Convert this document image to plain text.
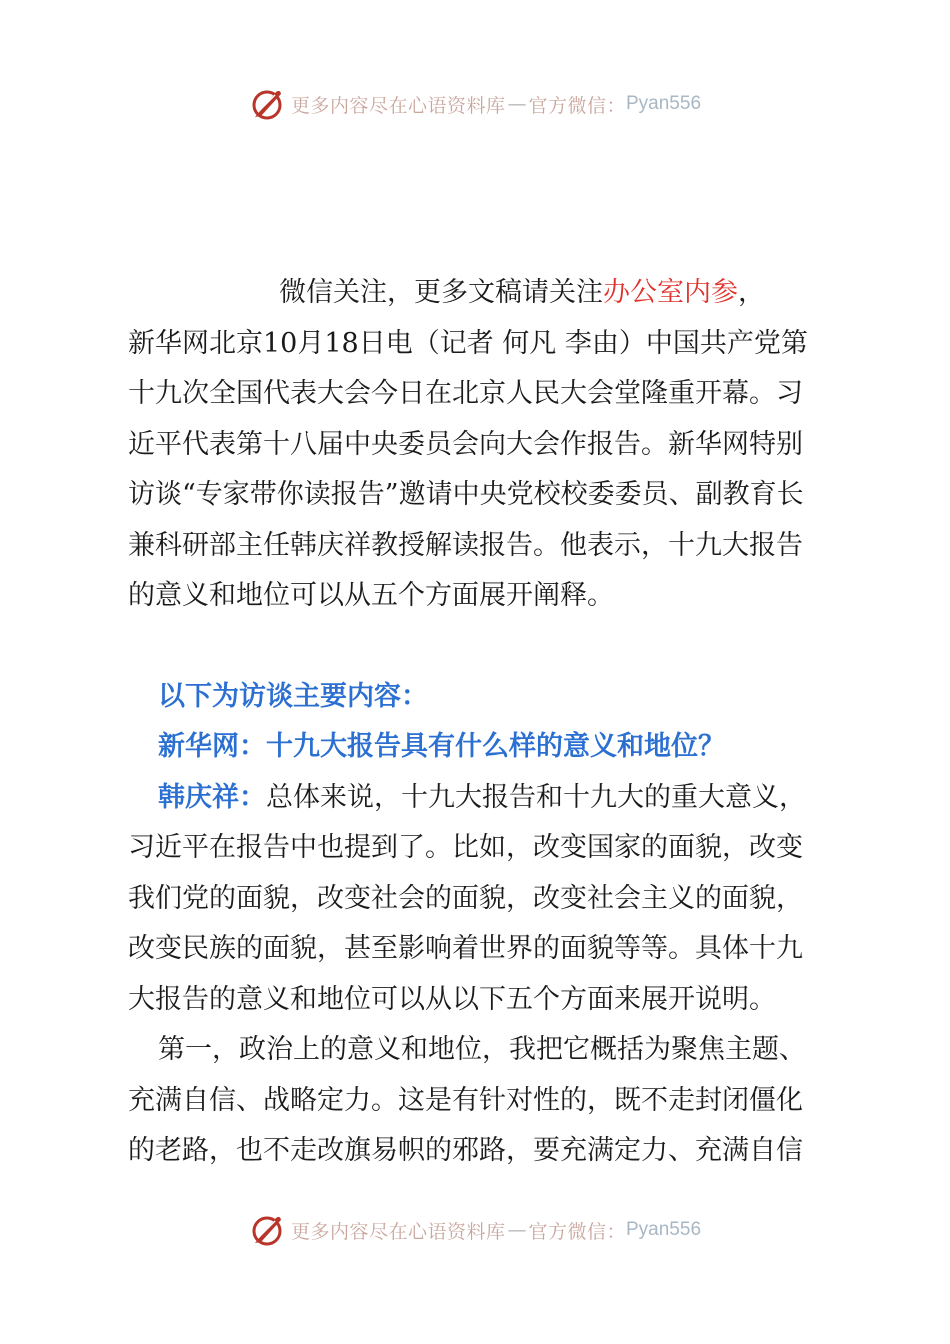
更多内容尽在心语资料库 — 官方微信： Pyan556

微信关注，更多文稿请关注办公室内参，

新华网北京10月18日电（记者 何凡 李由）中国共产党第十九次全国代表大会今日在北京人民大会堂隆重开幕。习近平代表第十八届中央委员会向大会作报告。新华网特别访谈“专家带你读报告”邀请中央党校校委委员、副教育长兼科研部主任韩庆祥教授解读报告。他表示，十九大报告的意义和地位可以从五个方面展开阐释。

以下为访谈主要内容：

新华网：十九大报告具有什么样的意义和地位？

韩庆祥：总体来说，十九大报告和十九大的重大意义，习近平在报告中也提到了。比如，改变国家的面貌，改变我们党的面貌，改变社会的面貌，改变社会主义的面貌，改变民族的面貌，甚至影响着世界的面貌等等。具体十九大报告的意义和地位可以从以下五个方面来展开说明。

第一，政治上的意义和地位，我把它概括为聚焦主题、充满自信、战略定力。这是有针对性的，既不走封闭僵化的老路，也不走改旗易帜的邪路，要充满定力、充满自信

更多内容尽在心语资料库 — 官方微信： Pyan556
